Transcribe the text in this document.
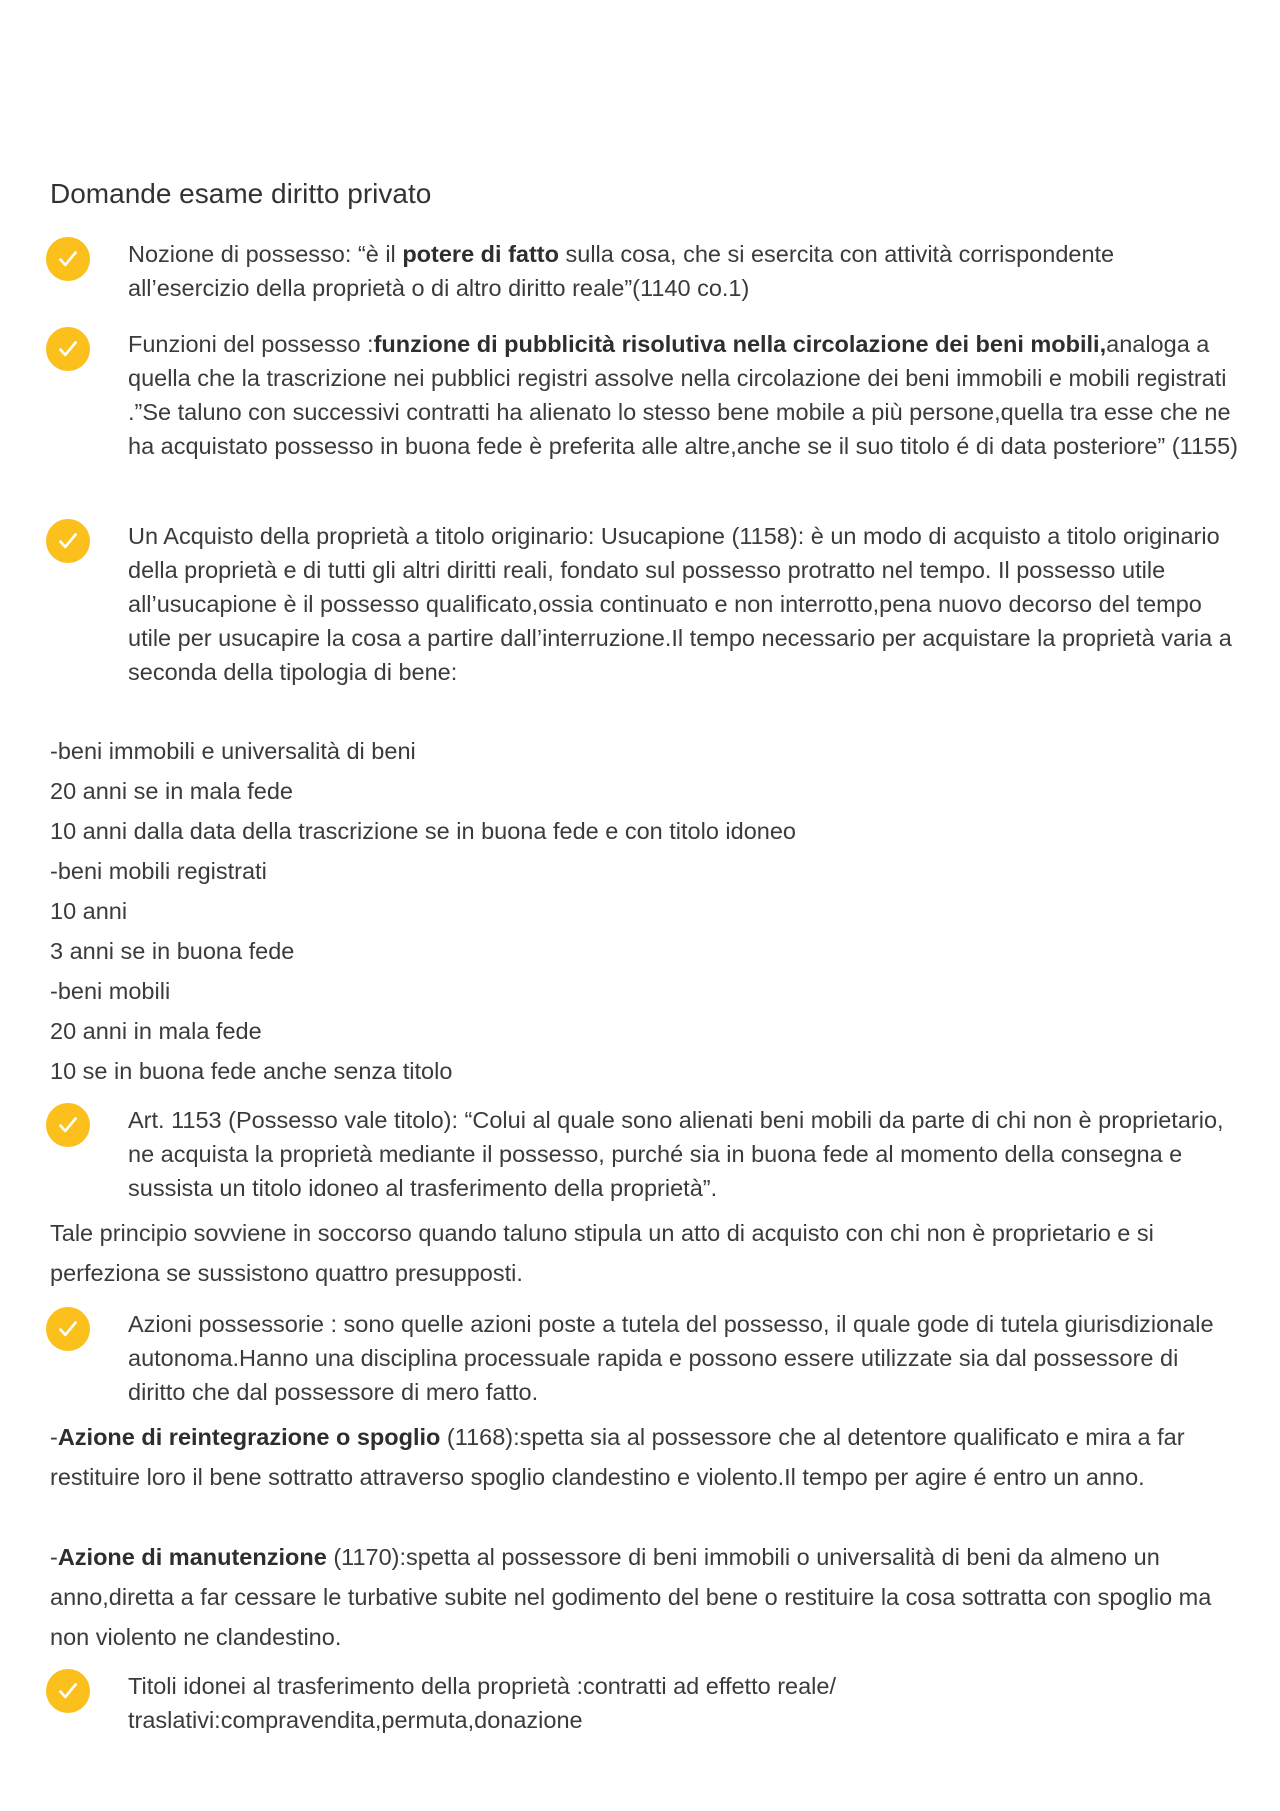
Domande esame diritto privato
Nozione di possesso: “è il potere di fatto sulla cosa, che si esercita con attività corrispondente all’esercizio della proprietà o di altro diritto reale”(1140 co.1)
Funzioni del possesso :funzione di pubblicità risolutiva nella circolazione dei beni mobili,analoga a quella che la trascrizione nei pubblici registri assolve nella circolazione dei beni immobili e mobili registrati .”Se taluno con successivi contratti ha alienato lo stesso bene mobile a più persone,quella tra esse che ne ha acquistato possesso in buona fede è preferita alle altre,anche se il suo titolo é di data posteriore” (1155)
Un Acquisto della proprietà a titolo originario: Usucapione (1158): è un modo di acquisto a titolo originario della proprietà e di tutti gli altri diritti reali, fondato sul possesso protratto nel tempo. Il possesso utile all’usucapione è il possesso qualificato,ossia continuato e non interrotto,pena nuovo decorso del tempo utile per usucapire la cosa a partire dall’interruzione.Il tempo necessario per acquistare la proprietà varia a seconda della tipologia di bene:
-beni immobili e universalità di beni
20 anni se in mala fede
10 anni dalla data della trascrizione se in buona fede e con titolo idoneo
-beni mobili registrati
10 anni
3 anni se in buona fede
-beni mobili
20 anni in mala fede
10 se in buona fede anche senza titolo
Art. 1153 (Possesso vale titolo): “Colui al quale sono alienati beni mobili da parte di chi non è proprietario, ne acquista la proprietà mediante il possesso, purché sia in buona fede al momento della consegna e sussista un titolo idoneo al trasferimento della proprietà”.
Tale principio sovviene in soccorso quando taluno stipula un atto di acquisto con chi non è proprietario e si perfeziona se sussistono quattro presupposti.
Azioni possessorie : sono quelle azioni poste a tutela del possesso, il quale gode di tutela giurisdizionale autonoma.Hanno una disciplina processuale rapida e possono essere utilizzate sia dal possessore di diritto che dal possessore di mero fatto.
-Azione di reintegrazione o spoglio (1168):spetta sia al possessore che al detentore qualificato e mira a far restituire loro il bene sottratto attraverso spoglio clandestino e violento.Il tempo per agire é entro un anno.
-Azione di manutenzione (1170):spetta al possessore di beni immobili o universalità di beni da almeno un anno,diretta a far cessare le turbative subite nel godimento del bene o restituire la cosa sottratta con spoglio ma non violento ne clandestino.
Titoli idonei al trasferimento della proprietà :contratti ad effetto reale/ traslativi:compravendita,permuta,donazione
